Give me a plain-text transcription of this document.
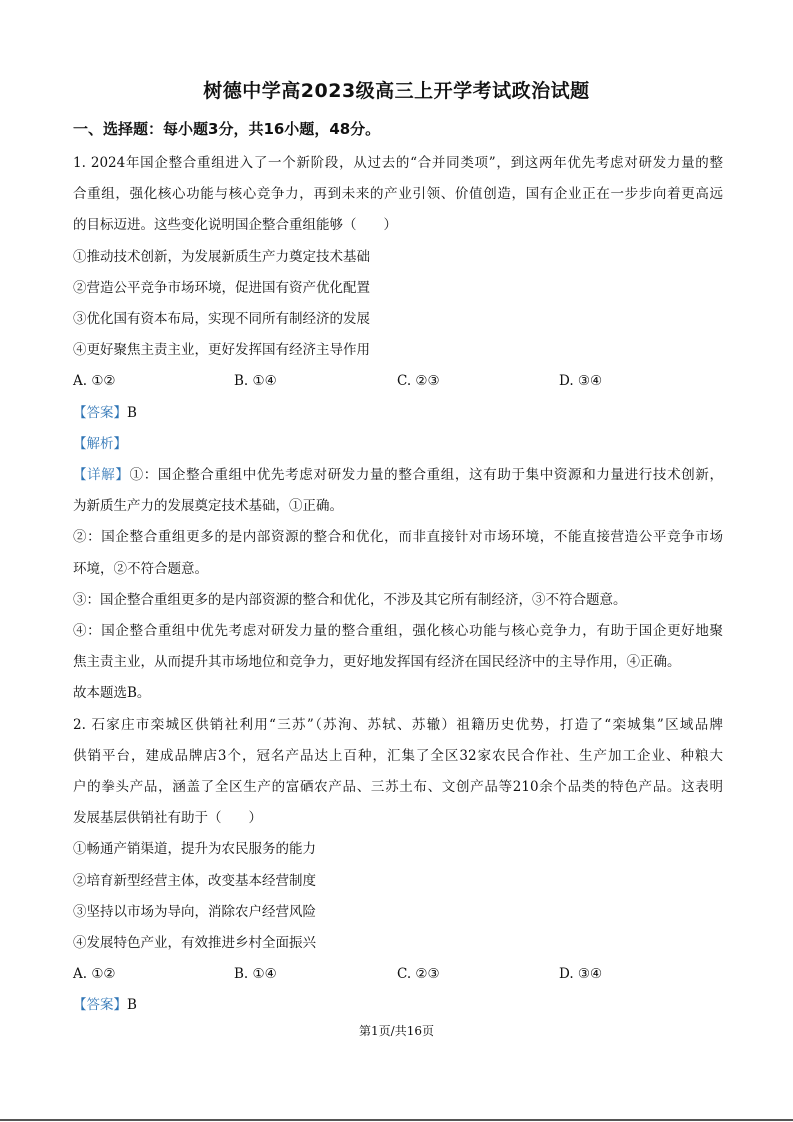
树德中学高2023级高三上开学考试政治试题
一、选择题：每小题3分，共16小题，48分。
1. 2024年国企整合重组进入了一个新阶段，从过去的“合并同类项”，到这两年优先考虑对研发力量的整
合重组，强化核心功能与核心竞争力，再到未来的产业引领、价值创造，国有企业正在一步步向着更高远
的目标迈进。这些变化说明国企整合重组能够（　　）
①推动技术创新，为发展新质生产力奠定技术基础
②营造公平竞争市场环境，促进国有资产优化配置
③优化国有资本布局，实现不同所有制经济的发展
④更好聚焦主责主业，更好发挥国有经济主导作用
A. ①②	B. ①④	C. ②③	D. ③④
【答案】B
【解析】
【详解】①：国企整合重组中优先考虑对研发力量的整合重组，这有助于集中资源和力量进行技术创新，
为新质生产力的发展奠定技术基础，①正确。
②：国企整合重组更多的是内部资源的整合和优化，而非直接针对市场环境，不能直接营造公平竞争市场
环境，②不符合题意。
③：国企整合重组更多的是内部资源的整合和优化，不涉及其它所有制经济，③不符合题意。
④：国企整合重组中优先考虑对研发力量的整合重组，强化核心功能与核心竞争力，有助于国企更好地聚
焦主责主业，从而提升其市场地位和竞争力，更好地发挥国有经济在国民经济中的主导作用，④正确。
故本题选B。
2. 石家庄市栾城区供销社利用“三苏”（苏洵、苏轼、苏辙）祖籍历史优势，打造了“栾城集”区域品牌
供销平台，建成品牌店3个，冠名产品达上百种，汇集了全区32家农民合作社、生产加工企业、种粮大
户的拳头产品，涵盖了全区生产的富硒农产品、三苏土布、文创产品等210余个品类的特色产品。这表明
发展基层供销社有助于（　　）
①畅通产销渠道，提升为农民服务的能力
②培育新型经营主体，改变基本经营制度
③坚持以市场为导向，消除农户经营风险
④发展特色产业，有效推进乡村全面振兴
A. ①②	B. ①④	C. ②③	D. ③④
【答案】B
第1页/共16页
